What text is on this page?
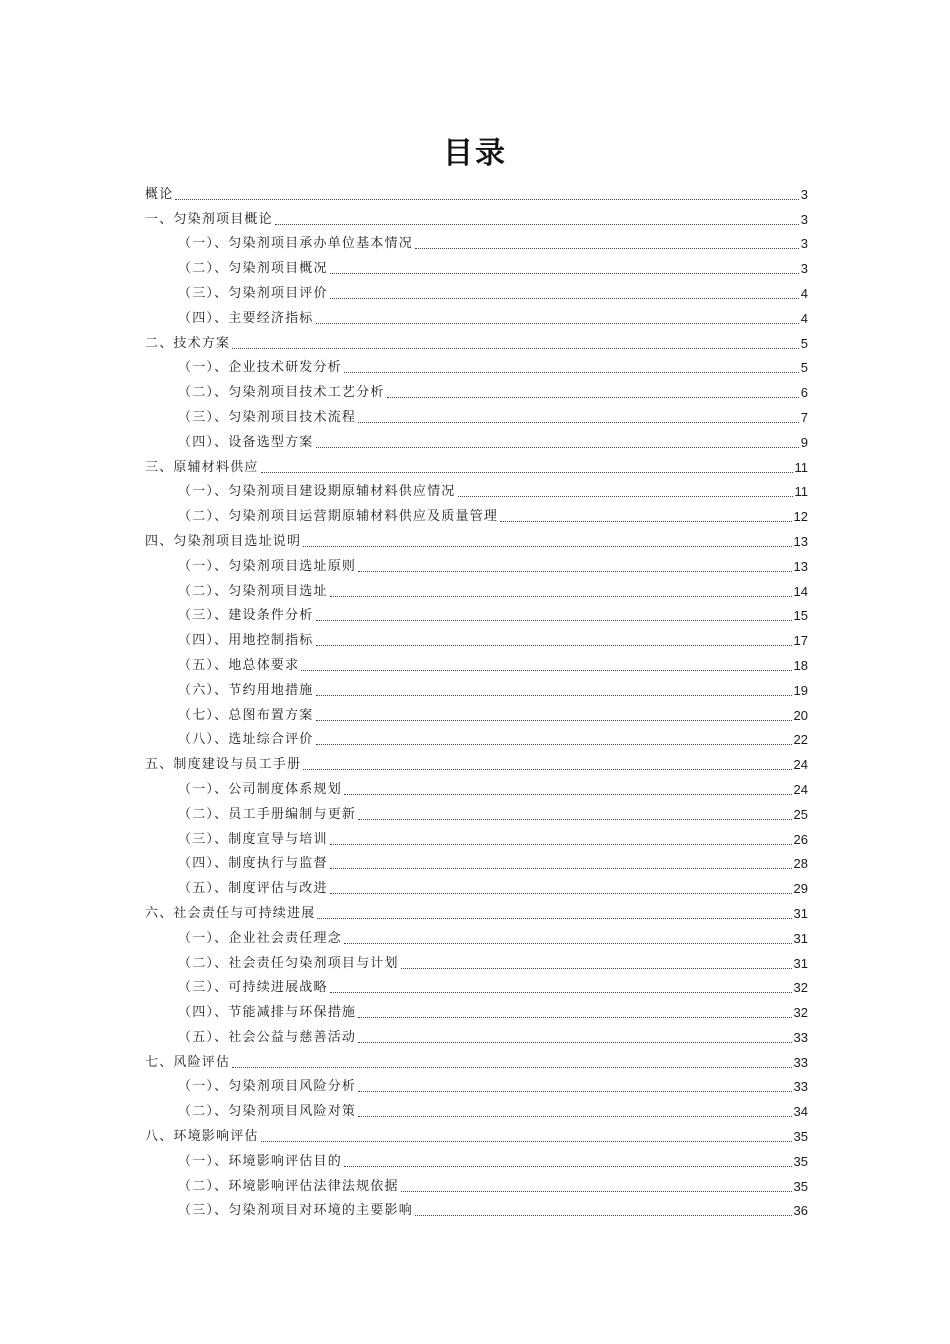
目录
概论	3
一、匀染剂项目概论	3
（一）、匀染剂项目承办单位基本情况	3
（二）、匀染剂项目概况	3
（三）、匀染剂项目评价	4
（四）、主要经济指标	4
二、技术方案	5
（一）、企业技术研发分析	5
（二）、匀染剂项目技术工艺分析	6
（三）、匀染剂项目技术流程	7
（四）、设备选型方案	9
三、原辅材料供应	11
（一）、匀染剂项目建设期原辅材料供应情况	11
（二）、匀染剂项目运营期原辅材料供应及质量管理	12
四、匀染剂项目选址说明	13
（一）、匀染剂项目选址原则	13
（二）、匀染剂项目选址	14
（三）、建设条件分析	15
（四）、用地控制指标	17
（五）、地总体要求	18
（六）、节约用地措施	19
（七）、总图布置方案	20
（八）、选址综合评价	22
五、制度建设与员工手册	24
（一）、公司制度体系规划	24
（二）、员工手册编制与更新	25
（三）、制度宣导与培训	26
（四）、制度执行与监督	28
（五）、制度评估与改进	29
六、社会责任与可持续进展	31
（一）、企业社会责任理念	31
（二）、社会责任匀染剂项目与计划	31
（三）、可持续进展战略	32
（四）、节能减排与环保措施	32
（五）、社会公益与慈善活动	33
七、风险评估	33
（一）、匀染剂项目风险分析	33
（二）、匀染剂项目风险对策	34
八、环境影响评估	35
（一）、环境影响评估目的	35
（二）、环境影响评估法律法规依据	35
（三）、匀染剂项目对环境的主要影响	36
